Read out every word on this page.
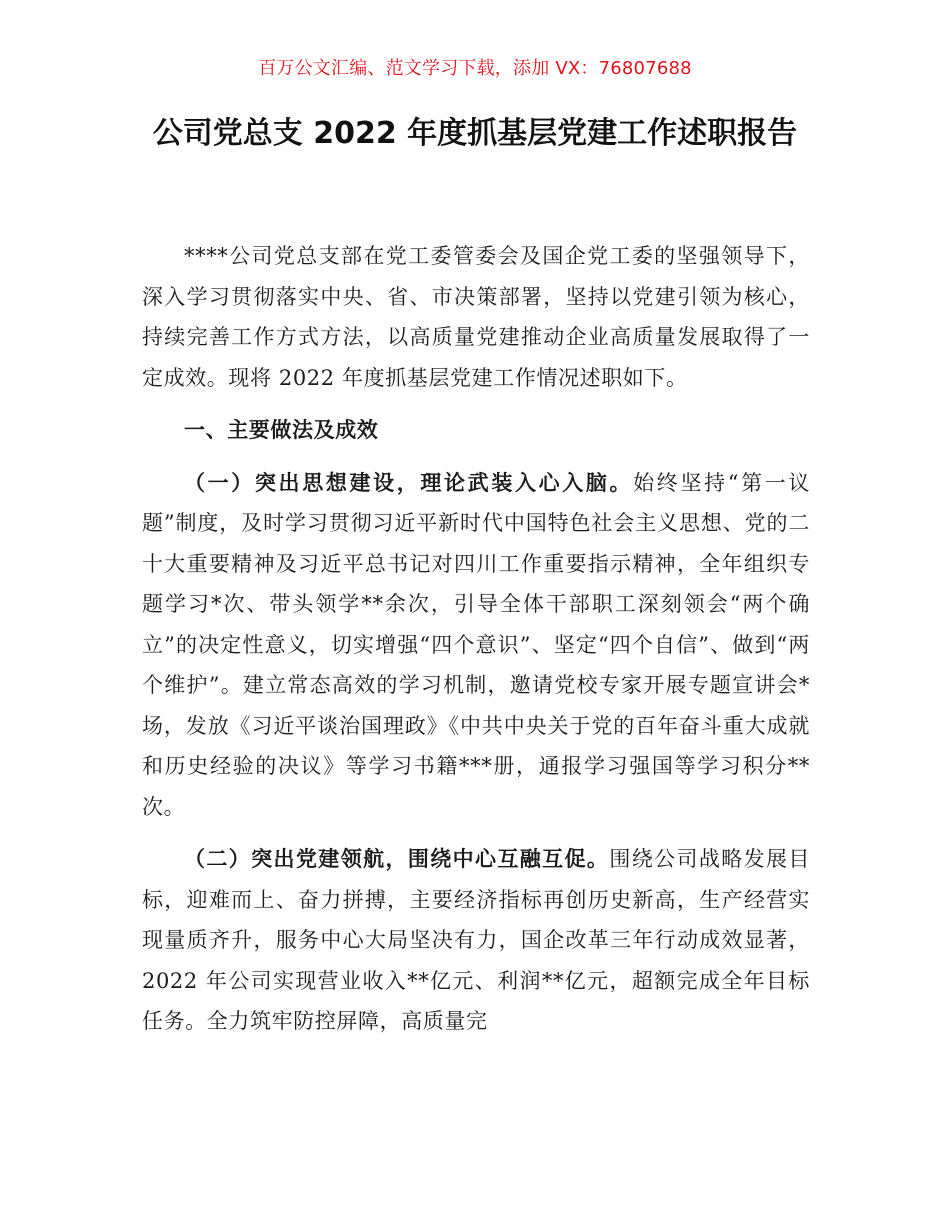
百万公文汇编、范文学习下载，添加 VX：76807688
公司党总支 2022 年度抓基层党建工作述职报告

****公司党总支部在党工委管委会及国企党工委的坚强领导下，深入学习贯彻落实中央、省、市决策部署，坚持以党建引领为核心，持续完善工作方式方法，以高质量党建推动企业高质量发展取得了一定成效。现将 2022 年度抓基层党建工作情况述职如下。

一、主要做法及成效

（一）突出思想建设，理论武装入心入脑。始终坚持“第一议题”制度，及时学习贯彻习近平新时代中国特色社会主义思想、党的二十大重要精神及习近平总书记对四川工作重要指示精神，全年组织专题学习*次、带头领学**余次，引导全体干部职工深刻领会“两个确立”的决定性意义，切实增强“四个意识”、坚定“四个自信”、做到“两个维护”。建立常态高效的学习机制，邀请党校专家开展专题宣讲会*场，发放《习近平谈治国理政》《中共中央关于党的百年奋斗重大成就和历史经验的决议》等学习书籍***册，通报学习强国等学习积分**次。

（二）突出党建领航，围绕中心互融互促。围绕公司战略发展目标，迎难而上、奋力拼搏，主要经济指标再创历史新高，生产经营实现量质齐升，服务中心大局坚决有力，国企改革三年行动成效显著，2022 年公司实现营业收入**亿元、利润**亿元，超额完成全年目标任务。全力筑牢防控屏障，高质量完
